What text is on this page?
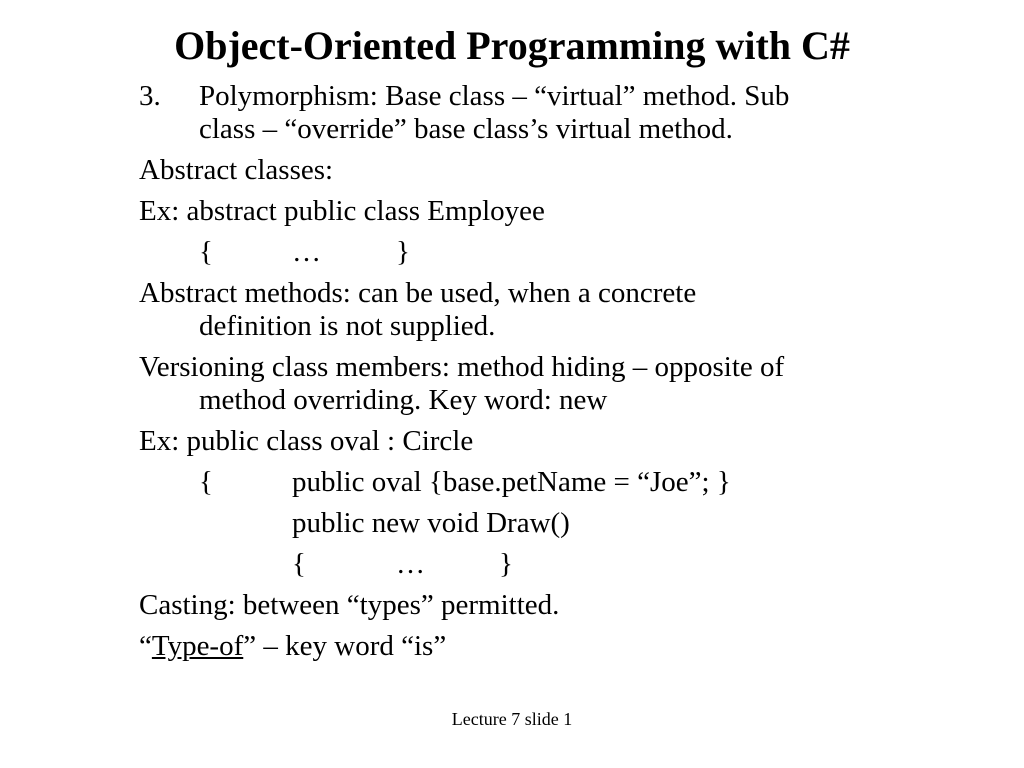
Object-Oriented Programming with C#
3. Polymorphism: Base class – “virtual” method. Sub
class – “override” base class’s virtual method.
Abstract classes:
Ex: abstract public class Employee
{	…	}
Abstract methods: can be used, when a concrete
definition is not supplied.
Versioning class members: method hiding – opposite of
method overriding. Key word: new
Ex: public class oval : Circle
{	public oval {base.petName = “Joe”; }
public new void Draw()
{	…	}
Casting: between “types” permitted.
“Type-of” – key word “is”
Lecture 7 slide 1
